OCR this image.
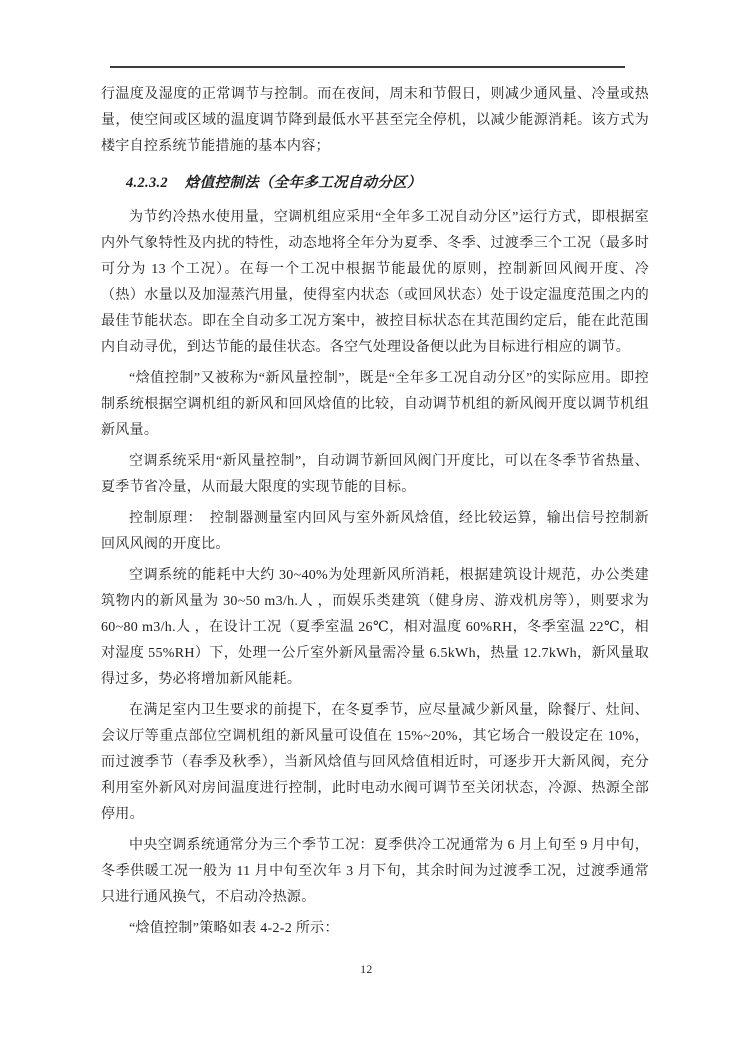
行温度及湿度的正常调节与控制。而在夜间，周末和节假日，则减少通风量、冷量或热量，使空间或区域的温度调节降到最低水平甚至完全停机，以减少能源消耗。该方式为楼宇自控系统节能措施的基本内容；

4.2.3.2 焓值控制法（全年多工况自动分区）

为节约冷热水使用量，空调机组应采用“全年多工况自动分区”运行方式，即根据室内外气象特性及内扰的特性，动态地将全年分为夏季、冬季、过渡季三个工况（最多时可分为 13 个工况）。在每一个工况中根据节能最优的原则，控制新回风阀开度、冷（热）水量以及加湿蒸汽用量，使得室内状态（或回风状态）处于设定温度范围之内的最佳节能状态。即在全自动多工况方案中，被控目标状态在其范围约定后，能在此范围内自动寻优，到达节能的最佳状态。各空气处理设备便以此为目标进行相应的调节。

“焓值控制”又被称为“新风量控制”，既是“全年多工况自动分区”的实际应用。即控制系统根据空调机组的新风和回风焓值的比较，自动调节机组的新风阀开度以调节机组新风量。

空调系统采用“新风量控制”，自动调节新回风阀门开度比，可以在冬季节省热量、夏季节省冷量，从而最大限度的实现节能的目标。

控制原理：　控制器测量室内回风与室外新风焓值，经比较运算，输出信号控制新回风风阀的开度比。

空调系统的能耗中大约 30~40%为处理新风所消耗，根据建筑设计规范，办公类建筑物内的新风量为 30~50 m3/h.人 ，而娱乐类建筑（健身房、游戏机房等），则要求为 60~80 m3/h.人 ，在设计工况（夏季室温 26℃，相对温度 60%RH，冬季室温 22℃，相对湿度 55%RH）下，处理一公斤室外新风量需冷量 6.5kWh，热量 12.7kWh，新风量取得过多，势必将增加新风能耗。

在满足室内卫生要求的前提下，在冬夏季节，应尽量减少新风量，除餐厅、灶间、会议厅等重点部位空调机组的新风量可设值在 15%~20%，其它场合一般设定在 10%，而过渡季节（春季及秋季），当新风焓值与回风焓值相近时，可逐步开大新风阀，充分利用室外新风对房间温度进行控制，此时电动水阀可调节至关闭状态，冷源、热源全部停用。

中央空调系统通常分为三个季节工况：夏季供冷工况通常为 6 月上旬至 9 月中旬，冬季供暖工况一般为 11 月中旬至次年 3 月下旬，其余时间为过渡季工况，过渡季通常只进行通风换气，不启动冷热源。

“焓值控制”策略如表 4-2-2 所示：

12
